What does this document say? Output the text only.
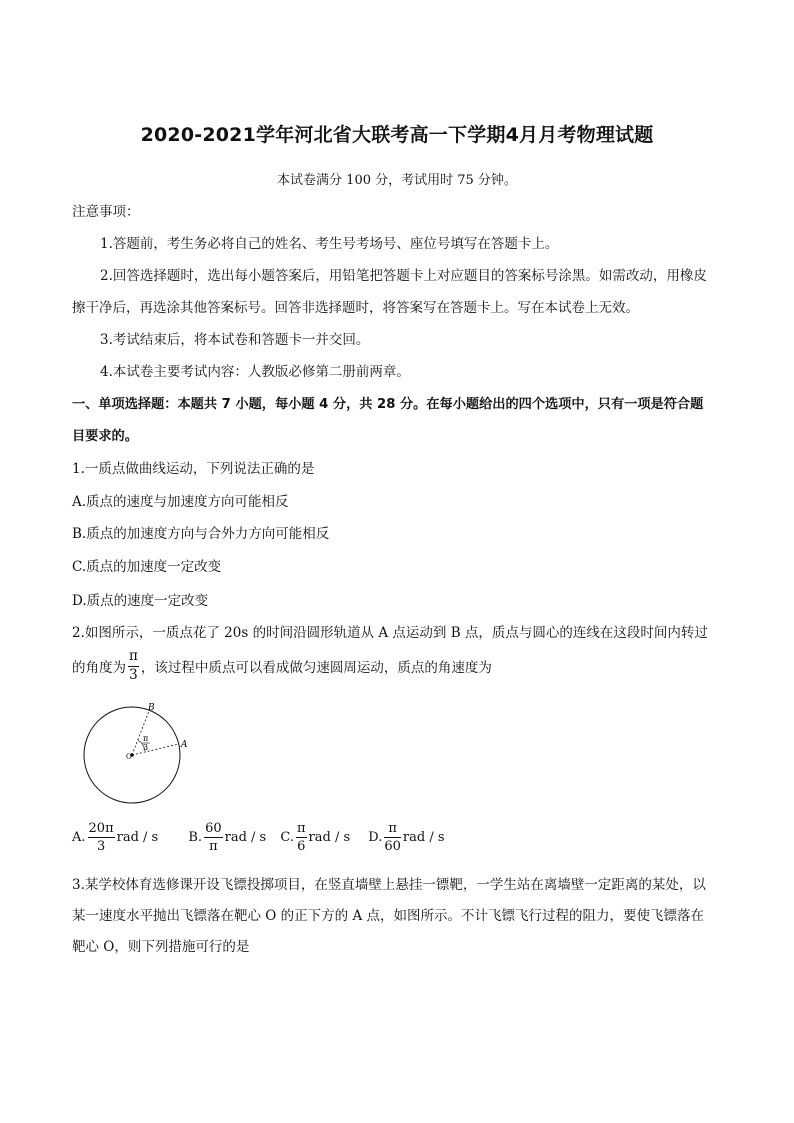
2020-2021学年河北省大联考高一下学期4月月考物理试题
本试卷满分 100 分，考试用时 75 分钟。
注意事项：
1.答题前，考生务必将自己的姓名、考生号考场号、座位号填写在答题卡上。
2.回答选择题时，选出每小题答案后，用铅笔把答题卡上对应题目的答案标号涂黑。如需改动，用橡皮
擦干净后，再选涂其他答案标号。回答非选择题时，将答案写在答题卡上。写在本试卷上无效。
3.考试结束后，将本试卷和答题卡一并交回。
4.本试卷主要考试内容：人教版必修第二册前两章。
一、单项选择题：本题共 7 小题，每小题 4 分，共 28 分。在每小题给出的四个选项中，只有一项是符合题
目要求的。
1.一质点做曲线运动，下列说法正确的是
A.质点的速度与加速度方向可能相反
B.质点的加速度方向与合外力方向可能相反
C.质点的加速度一定改变
D.质点的速度一定改变
2.如图所示，一质点花了 20s 的时间沿圆形轨道从 A 点运动到 B 点，质点与圆心的连线在这段时间内转过
的角度为 $\frac{\pi}{3}$ ，该过程中质点可以看成做匀速圆周运动，质点的角速度为
B
A
O
π
3
A. $\frac{20\pi}{3}$ rad / s B. $\frac{60}{\pi}$ rad / s C. $\frac{\pi}{6}$ rad / s D. $\frac{\pi}{60}$ rad / s
3.某学校体育选修课开设飞镖投掷项目，在竖直墙壁上悬挂一镖靶，一学生站在离墙壁一定距离的某处，以
某一速度水平抛出飞镖落在靶心 O 的正下方的 A 点，如图所示。不计飞镖飞行过程的阻力，要使飞镖落在
靶心 O，则下列措施可行的是
